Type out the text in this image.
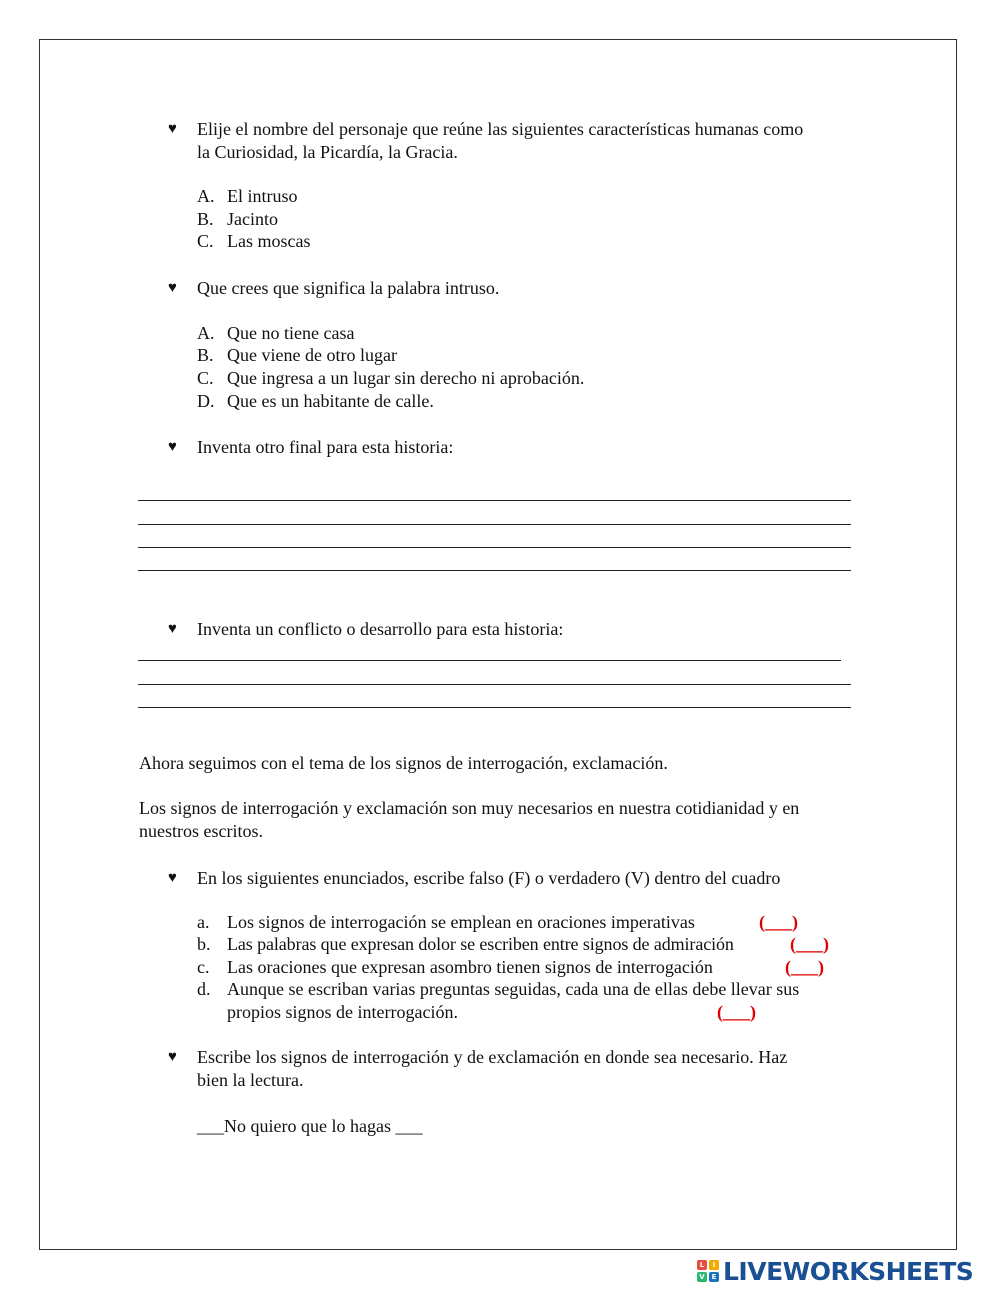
♥ Elije el nombre del personaje que reúne las siguientes características humanas como
la Curiosidad, la Picardía, la Gracia.
A. El intruso
B. Jacinto
C. Las moscas
♥ Que crees que significa la palabra intruso.
A. Que no tiene casa
B. Que viene de otro lugar
C. Que ingresa a un lugar sin derecho ni aprobación.
D. Que es un habitante de calle.
♥ Inventa otro final para esta historia:
♥ Inventa un conflicto o desarrollo para esta historia:
Ahora seguimos con el tema de los signos de interrogación, exclamación.
Los signos de interrogación y exclamación son muy necesarios en nuestra cotidianidad y en
nuestros escritos.
♥ En los siguientes enunciados, escribe falso (F) o verdadero (V) dentro del cuadro
a. Los signos de interrogación se emplean en oraciones imperativas	(___)
b. Las palabras que expresan dolor se escriben entre signos de admiración	(___)
c. Las oraciones que expresan asombro tienen signos de interrogación	(___)
d. Aunque se escriban varias preguntas seguidas, cada una de ellas debe llevar sus
propios signos de interrogación.	(___)
♥ Escribe los signos de interrogación y de exclamación en donde sea necesario. Haz
bien la lectura.
___No quiero que lo hagas ___
L	I
V E LIVEWORKSHEETS
